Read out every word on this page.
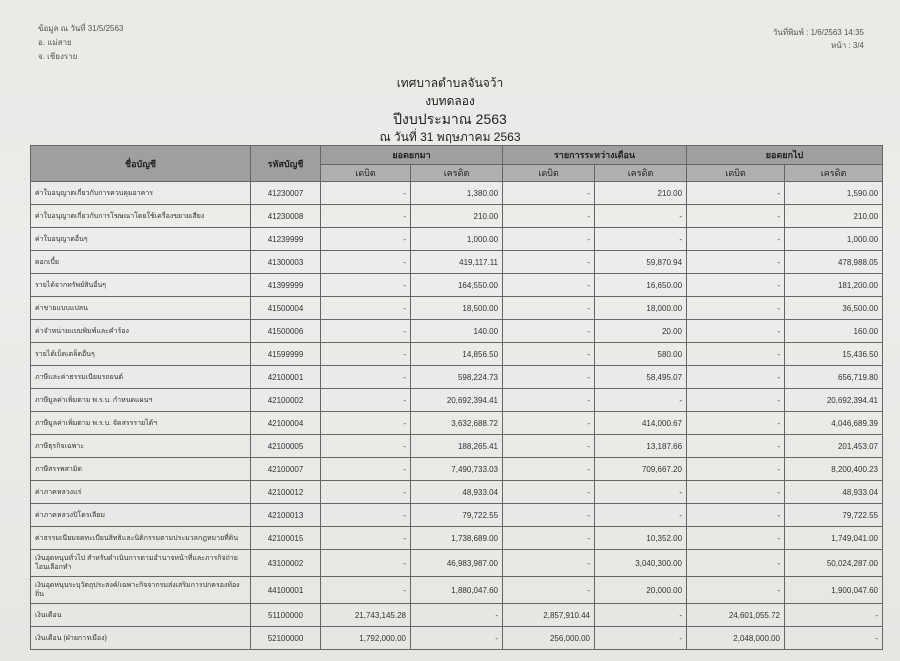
ข้อมูล ณ วันที่ 31/5/2563
อ. แม่สาย
จ. เชียงราย
วันที่พิมพ์ : 1/6/2563 14:35
หน้า : 3/4
เทศบาลตำบลจันจว้า
งบทดลอง
ปีงบประมาณ 2563
ณ วันที่ 31 พฤษภาคม 2563
ชื่อบัญชี	รหัสบัญชี	ยอดยกมา		รายการระหว่างเดือน		ยอดยกไป	
		เดบิต	เครดิต	เดบิต	เครดิต	เดบิต	เครดิต
ค่าใบอนุญาตเกี่ยวกับการควบคุมอาคาร	41230007	-	1,380.00	-	210.00	-	1,590.00
ค่าใบอนุญาตเกี่ยวกับการโฆษณาโดยใช้เครื่องขยายเสียง	41230008	-	210.00	-	-	-	210.00
ค่าใบอนุญาตอื่นๆ	41239999	-	1,000.00	-	-	-	1,000.00
ดอกเบี้ย	41300003	-	419,117.11	-	59,870.94	-	478,988.05
รายได้จากทรัพย์สินอื่นๆ	41399999	-	164,550.00	-	16,650.00	-	181,200.00
ค่าขายแบบแปลน	41500004	-	18,500.00	-	18,000.00	-	36,500.00
ค่าจำหน่ายแบบพิมพ์และคำร้อง	41500006	-	140.00	-	20.00	-	160.00
รายได้เบ็ดเตล็ดอื่นๆ	41599999	-	14,856.50	-	580.00	-	15,436.50
ภาษีและค่าธรรมเนียมรถยนต์	42100001	-	598,224.73	-	58,495.07	-	656,719.80
ภาษีมูลค่าเพิ่มตาม พ.ร.บ. กำหนดแผนฯ	42100002	-	20,692,394.41	-	-	-	20,692,394.41
ภาษีมูลค่าเพิ่มตาม พ.ร.บ. จัดสรรรายได้ฯ	42100004	-	3,632,688.72	-	414,000.67	-	4,046,689.39
ภาษีธุรกิจเฉพาะ	42100005	-	188,265.41	-	13,187.66	-	201,453.07
ภาษีสรรพสามิต	42100007	-	7,490,733.03	-	709,667.20	-	8,200,400.23
ค่าภาคหลวงแร่	42100012	-	48,933.04	-	-	-	48,933.04
ค่าภาคหลวงปิโตรเลียม	42100013	-	79,722.55	-	-	-	79,722.55
ค่าธรรมเนียมจดทะเบียนสิทธิและนิติกรรมตามประมวลกฎหมายที่ดิน	42100015	-	1,738,689.00	-	10,352.00	-	1,749,041.00
เงินอุดหนุนทั่วไป สำหรับดำเนินการตามอำนาจหน้าที่และภารกิจถ่ายโอนเลือกทำ	43100002	-	46,983,987.00	-	3,040,300.00	-	50,024,287.00
เงินอุดหนุนระบุวัตถุประสงค์/เฉพาะกิจจากรมส่งเสริมการปกครองท้องถิ่น	44100001	-	1,880,047.60	-	20,000.00	-	1,900,047.60
เงินเดือน	51100000	21,743,145.28	-	2,857,910.44	-	24,601,055.72	-
เงินเดือน (ฝ่ายการเมือง)	52100000	1,792,000.00	-	256,000.00	-	2,048,000.00	-
